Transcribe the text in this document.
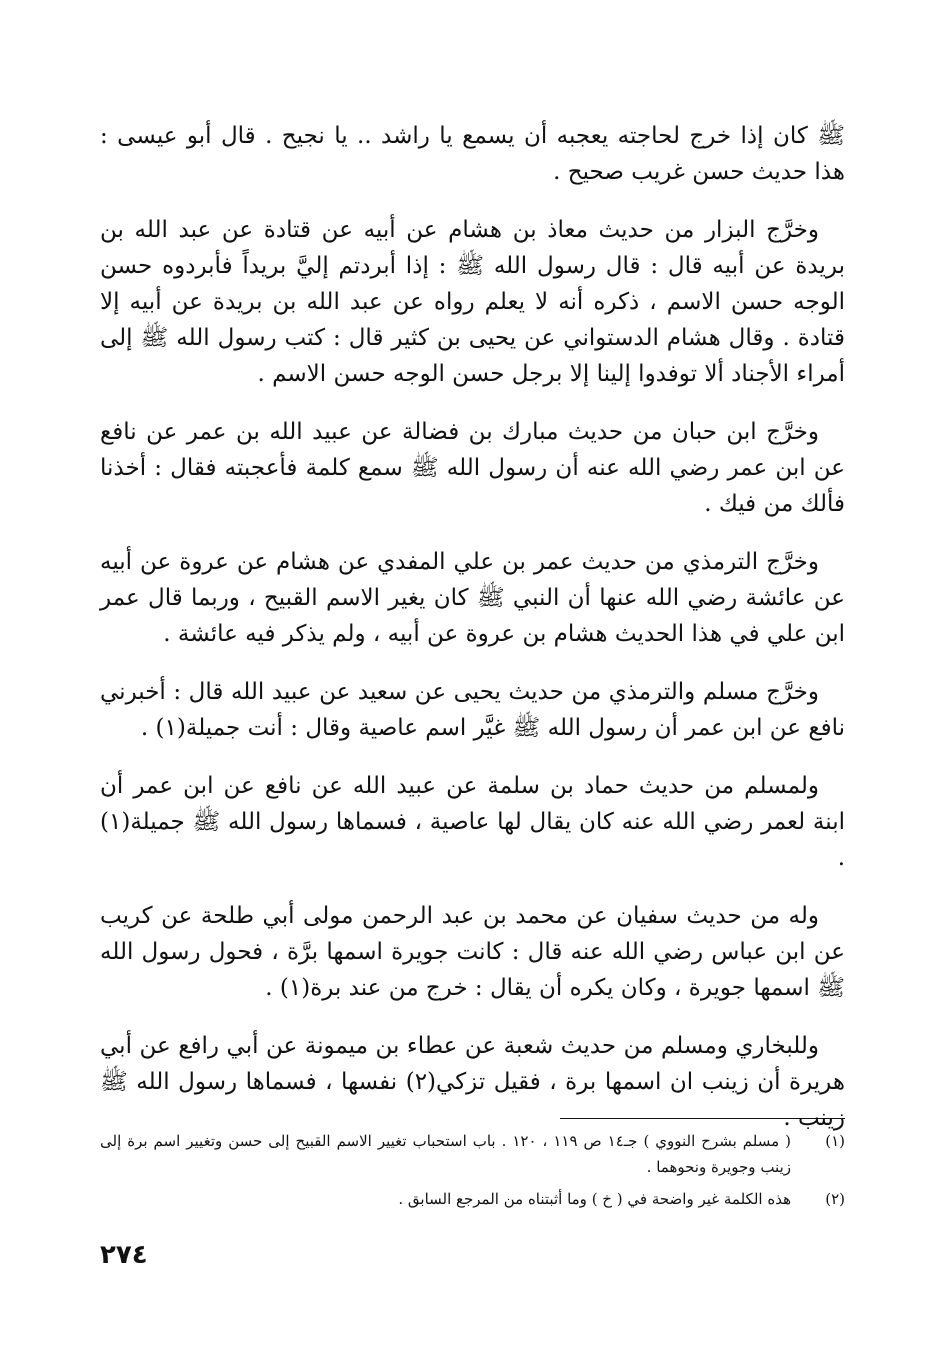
ﷺ كان إذا خرج لحاجته يعجبه أن يسمع يا راشد .. يا نجيح . قال أبو عيسى : هذا حديث حسن غريب صحيح .

وخرَّج البزار من حديث معاذ بن هشام عن أبيه عن قتادة عن عبد الله بن بريدة عن أبيه قال : قال رسول الله ﷺ : إذا أبردتم إليَّ بريداً فأبردوه حسن الوجه حسن الاسم ، ذكره أنه لا يعلم رواه عن عبد الله بن بريدة عن أبيه إلا قتادة . وقال هشام الدستواني عن يحيى بن كثير قال : كتب رسول الله ﷺ إلى أمراء الأجناد ألا توفدوا إلينا إلا برجل حسن الوجه حسن الاسم .

وخرَّج ابن حبان من حديث مبارك بن فضالة عن عبيد الله بن عمر عن نافع عن ابن عمر رضي الله عنه أن رسول الله ﷺ سمع كلمة فأعجبته فقال : أخذنا فألك من فيك .

وخرَّج الترمذي من حديث عمر بن علي المفدي عن هشام عن عروة عن أبيه عن عائشة رضي الله عنها أن النبي ﷺ كان يغير الاسم القبيح ، وربما قال عمر ابن علي في هذا الحديث هشام بن عروة عن أبيه ، ولم يذكر فيه عائشة .

وخرَّج مسلم والترمذي من حديث يحيى عن سعيد عن عبيد الله قال : أخبرني نافع عن ابن عمر أن رسول الله ﷺ غيَّر اسم عاصية وقال : أنت جميلة(١) .

ولمسلم من حديث حماد بن سلمة عن عبيد الله عن نافع عن ابن عمر أن ابنة لعمر رضي الله عنه كان يقال لها عاصية ، فسماها رسول الله ﷺ جميلة(١) .

وله من حديث سفيان عن محمد بن عبد الرحمن مولى أبي طلحة عن كريب عن ابن عباس رضي الله عنه قال : كانت جويرة اسمها برَّة ، فحول رسول الله ﷺ اسمها جويرة ، وكان يكره أن يقال : خرج من عند برة(١) .

وللبخاري ومسلم من حديث شعبة عن عطاء بن ميمونة عن أبي رافع عن أبي هريرة أن زينب ان اسمها برة ، فقيل تزكي(٢) نفسها ، فسماها رسول الله ﷺ زينب .

(١)
( مسلم بشرح النووي ) جـ١٤ ص ١١٩ ، ١٢٠ . باب استحباب تغيير الاسم القبيح إلى حسن وتغيير اسم برة إلى زينب وجويرة ونحوهما .
(٢)
هذه الكلمة غير واضحة في ( خ ) وما أثبتناه من المرجع السابق .
٢٧٤
